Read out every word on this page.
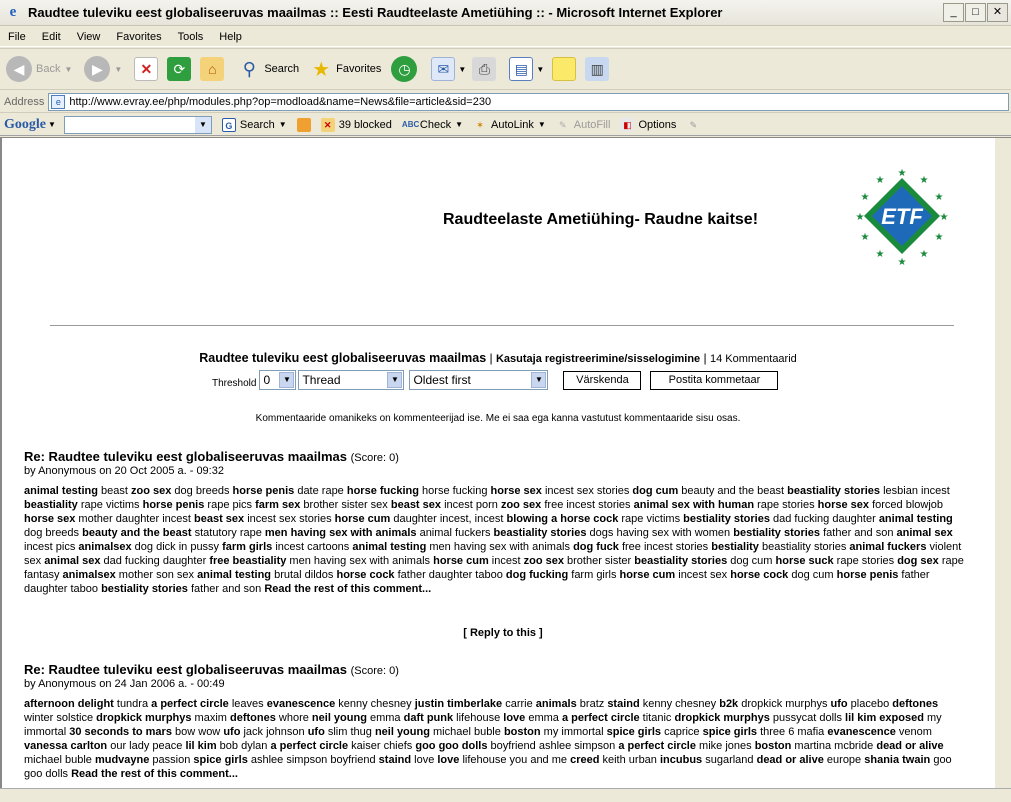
e Raudtee tuleviku eest globaliseeruvas maailmas :: Eesti Raudteelaste Ametiühing :: - Microsoft Internet Explorer	_	□	✕
File	Edit	View	Favorites	Tools	Help
◀	Back ▼	▶	▼	✕	⟳	⌂	⚲ Search ★ Favorites	◷	✉	▼ ⎙	▤	▼	▥
Address	e http://www.evray.ee/php/modules.php?op=modload&name=News&file=article&sid=230
Google ▼	▼	G Search ▼	✕ 39 blocked ABC Check ▼	✶ AutoLink ▼	✎ AutoFill	◧ Options	✎
Raudteelaste Ametiühing- Raudne kaitse!	ETF
★
★
★
★
★
★
★
★
★
★
★
★
Raudtee tuleviku eest globaliseeruvas maailmas | Kasutaja registreerimine/sisselogimine | 14 Kommentaarid
Threshold 0	▼ Thread	▼ Oldest first	▼	Värskenda	Postita kommetaar
Kommentaaride omanikeks on kommenteerijad ise. Me ei saa ega kanna vastutust kommentaaride sisu osas.
Re: Raudtee tuleviku eest globaliseeruvas maailmas (Score: 0)
by Anonymous on 20 Oct 2005 a. - 09:32
animal testing beast zoo sex dog breeds horse penis date rape horse fucking horse fucking horse sex incest sex stories dog cum beauty and the beast beastiality stories lesbian incest beastiality rape victims horse penis rape pics farm sex brother sister sex beast sex incest porn zoo sex free incest stories animal sex with human rape stories horse sex forced blowjob horse sex mother daughter incest beast sex incest sex stories horse cum daughter incest, incest blowing a horse cock rape victims bestiality stories dad fucking daughter animal testing dog breeds beauty and the beast statutory rape men having sex with animals animal fuckers beastiality stories dogs having sex with women bestiality stories father and son animal sex incest pics animalsex dog dick in pussy farm girls incest cartoons animal testing men having sex with animals dog fuck free incest stories bestiality beastiality stories animal fuckers violent sex animal sex dad fucking daughter free beastiality men having sex with animals horse cum incest zoo sex brother sister beastiality stories dog cum horse suck rape stories dog sex rape fantasy animalsex mother son sex animal testing brutal dildos horse cock father daughter taboo dog fucking farm girls horse cum incest sex horse cock dog cum horse penis father daughter taboo bestiality stories father and son Read the rest of this comment...
[ Reply to this ]
Re: Raudtee tuleviku eest globaliseeruvas maailmas (Score: 0)
by Anonymous on 24 Jan 2006 a. - 00:49
afternoon delight tundra a perfect circle leaves evanescence kenny chesney justin timberlake carrie animals bratz staind kenny chesney b2k dropkick murphys ufo placebo deftones winter solstice dropkick murphys maxim deftones whore neil young emma daft punk lifehouse love emma a perfect circle titanic dropkick murphys pussycat dolls lil kim exposed my immortal 30 seconds to mars bow wow ufo jack johnson ufo slim thug neil young michael buble boston my immortal spice girls caprice spice girls three 6 mafia evanescence venom vanessa carlton our lady peace lil kim bob dylan a perfect circle kaiser chiefs goo goo dolls boyfriend ashlee simpson a perfect circle mike jones boston martina mcbride dead or alive michael buble mudvayne passion spice girls ashlee simpson boyfriend staind love love lifehouse you and me creed keith urban incubus sugarland dead or alive europe shania twain goo goo dolls Read the rest of this comment...
